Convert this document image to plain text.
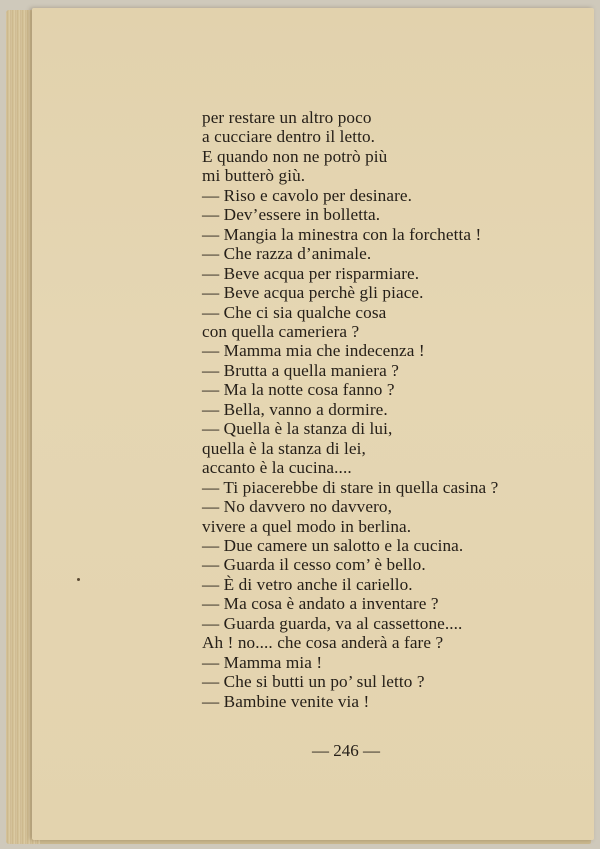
per restare un altro poco
a cucciare dentro il letto.
E quando non ne potrò più
mi butterò giù.
— Riso e cavolo per desinare.
— Dev’essere in bolletta.
— Mangia la minestra con la forchetta !
— Che razza d’animale.
— Beve acqua per risparmiare.
— Beve acqua perchè gli piace.
— Che ci sia qualche cosa
con quella cameriera ?
— Mamma mia che indecenza !
— Brutta a quella maniera ?
— Ma la notte cosa fanno ?
— Bella, vanno a dormire.
— Quella è la stanza di lui,
quella è la stanza di lei,
accanto è la cucina....
— Ti piacerebbe di stare in quella casina ?
— No davvero no davvero,
vivere a quel modo in berlina.
— Due camere un salotto e la cucina.
— Guarda il cesso com’ è bello.
— È di vetro anche il cariello.
— Ma cosa è andato a inventare ?
— Guarda guarda, va al cassettone....
Ah ! no.... che cosa anderà a fare ?
— Mamma mia !
— Che si butti un po’ sul letto ?
— Bambine venite via !
— 246 —
